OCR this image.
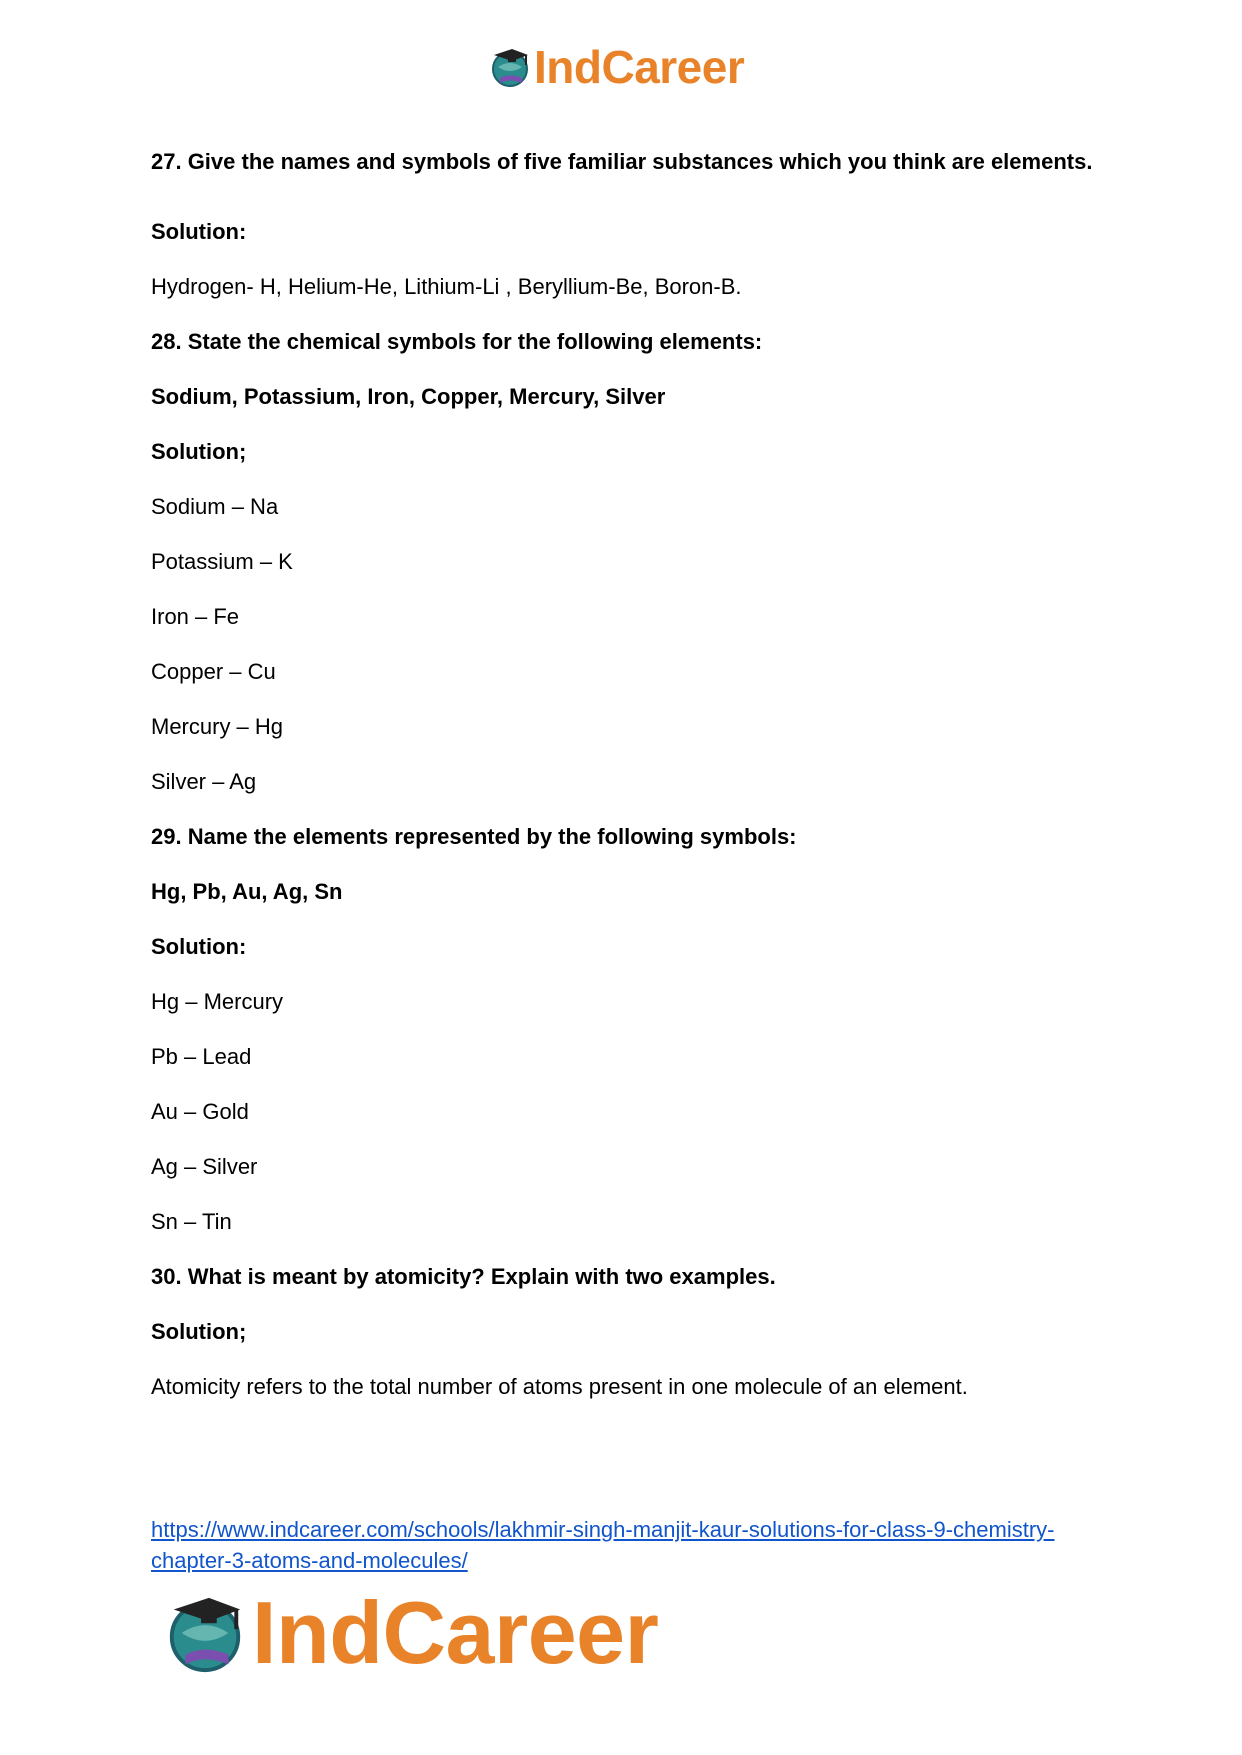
IndCareer

27. Give the names and symbols of five familiar substances which you think are elements.

Solution:

Hydrogen- H, Helium-He, Lithium-Li , Beryllium-Be, Boron-B.

28. State the chemical symbols for the following elements:

Sodium, Potassium, Iron, Copper, Mercury, Silver

Solution;

Sodium – Na

Potassium – K

Iron – Fe

Copper – Cu

Mercury – Hg

Silver – Ag

29. Name the elements represented by the following symbols:

Hg, Pb, Au, Ag, Sn

Solution:

Hg – Mercury

Pb – Lead

Au – Gold

Ag – Silver

Sn – Tin

30. What is meant by atomicity? Explain with two examples.

Solution;

Atomicity refers to the total number of atoms present in one molecule of an element.

https://www.indcareer.com/schools/lakhmir-singh-manjit-kaur-solutions-for-class-9-chemistry-chapter-3-atoms-and-molecules/
IndCareer
